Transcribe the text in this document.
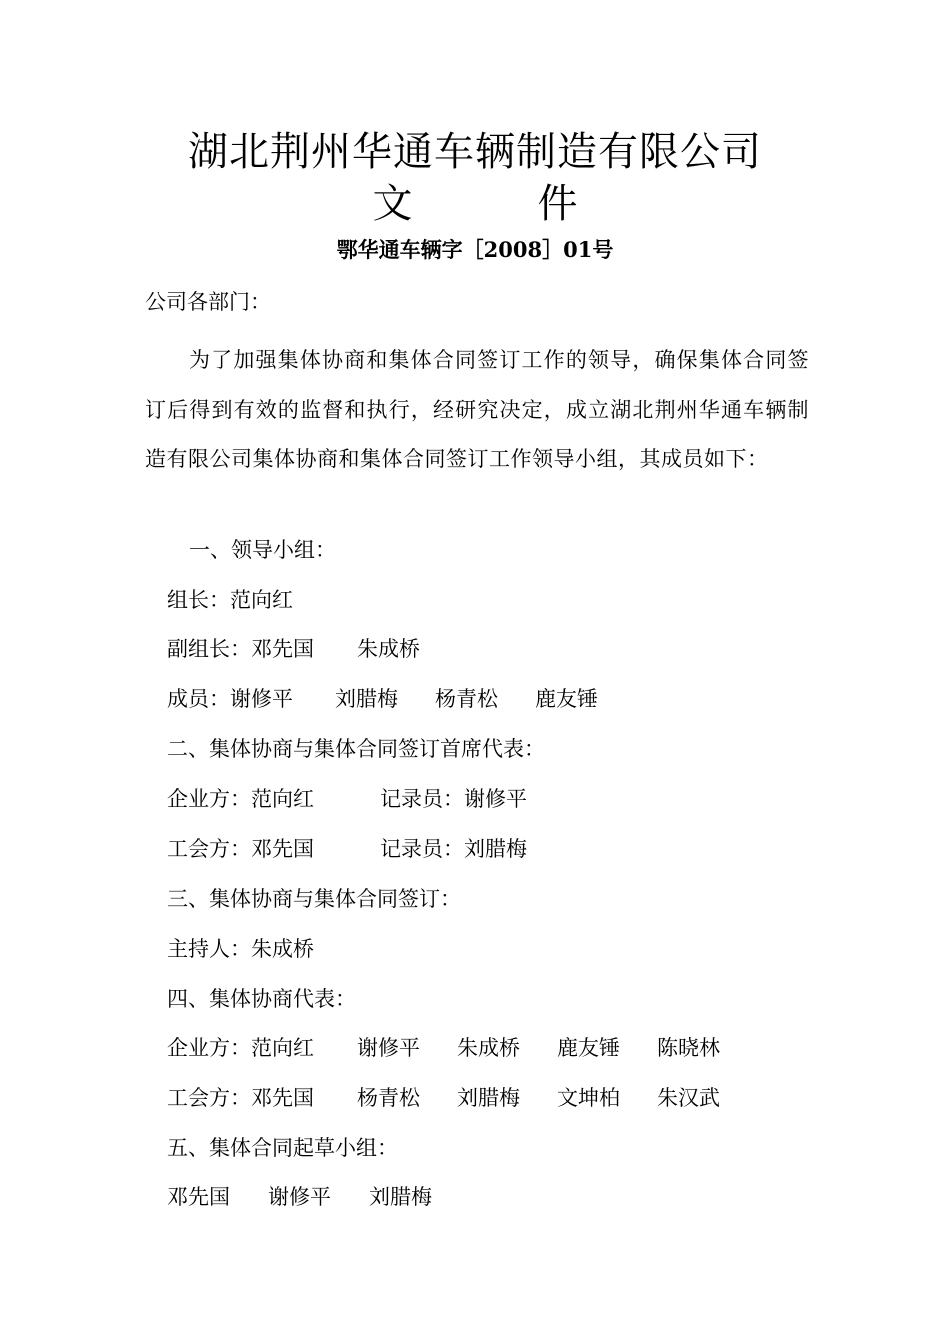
湖北荆州华通车辆制造有限公司
文	件
鄂华通车辆字［2008］01号
公司各部门：
为了加强集体协商和集体合同签订工作的领导，确保集体合同签订后得到有效的监督和执行，经研究决定，成立湖北荆州华通车辆制造有限公司集体协商和集体合同签订工作领导小组，其成员如下：
一、领导小组：
组长：范向红
副组长：邓先国 朱成桥
成员：谢修平 刘腊梅 杨青松 鹿友锤
二、集体协商与集体合同签订首席代表：
企业方：范向红	记录员：谢修平
工会方：邓先国	记录员：刘腊梅
三、集体协商与集体合同签订：
主持人：朱成桥
四、集体协商代表：
企业方：范向红 谢修平 朱成桥 鹿友锤 陈晓林
工会方：邓先国 杨青松 刘腊梅 文坤柏 朱汉武
五、集体合同起草小组：
邓先国 谢修平 刘腊梅
